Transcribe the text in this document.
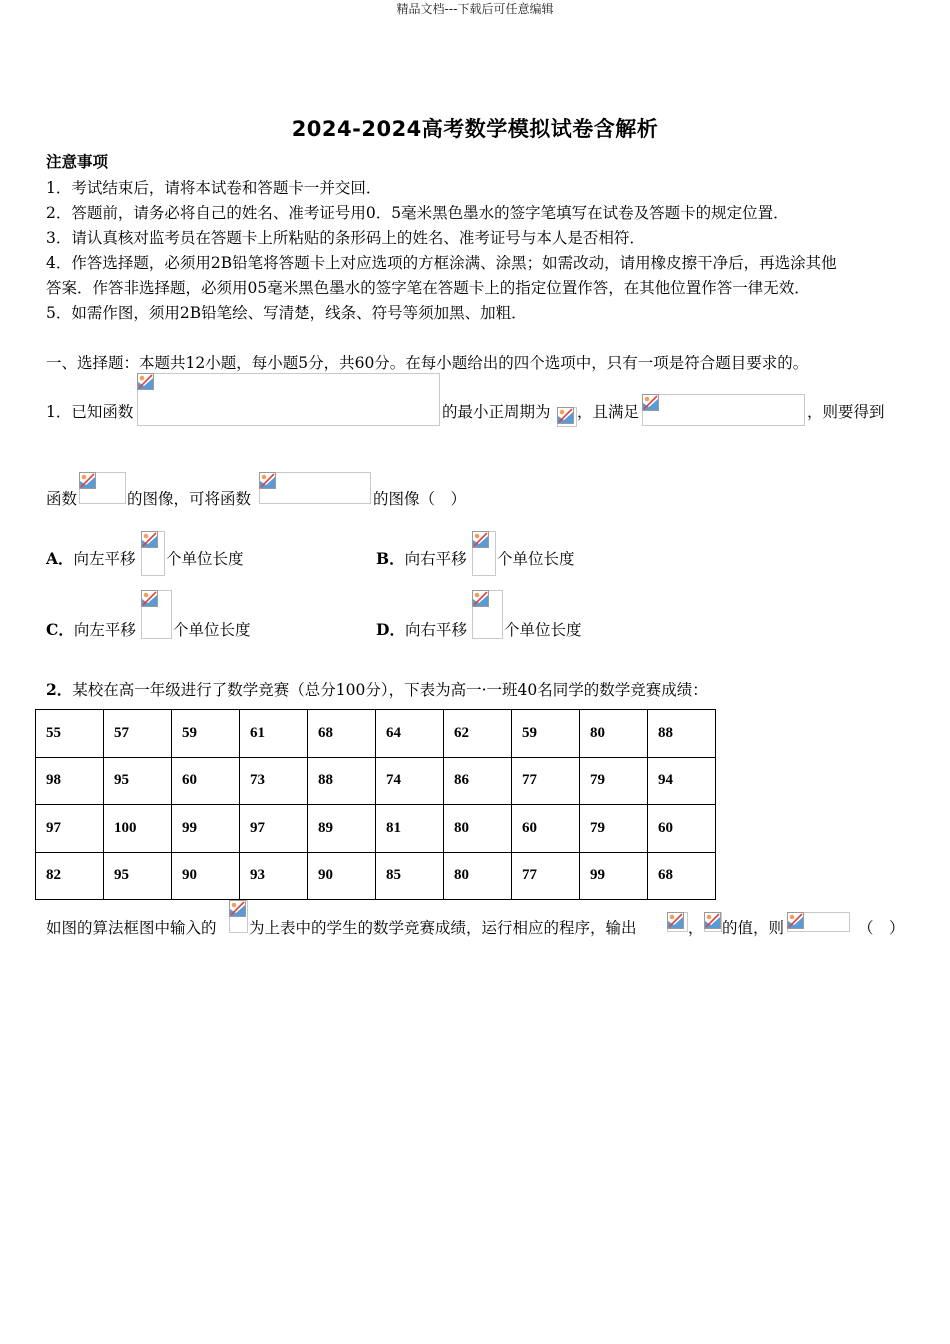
精品文档---下载后可任意编辑
2024-2024高考数学模拟试卷含解析
注意事项
1．考试结束后，请将本试卷和答题卡一并交回．
2．答题前，请务必将自己的姓名、准考证号用0．5毫米黑色墨水的签字笔填写在试卷及答题卡的规定位置．
3．请认真核对监考员在答题卡上所粘贴的条形码上的姓名、准考证号与本人是否相符．
4．作答选择题，必须用2B铅笔将答题卡上对应选项的方框涂满、涂黑；如需改动，请用橡皮擦干净后，再选涂其他
答案．作答非选择题，必须用05毫米黑色墨水的签字笔在答题卡上的指定位置作答，在其他位置作答一律无效．
5．如需作图，须用2B铅笔绘、写清楚，线条、符号等须加黑、加粗．
一、选择题：本题共12小题，每小题5分，共60分。在每小题给出的四个选项中，只有一项是符合题目要求的。
1．已知函数	的最小正周期为 ，且满足	，则要得到
函数	的图像，可将函数	的图像（　）
A．向左平移 个单位长度	B．向右平移 个单位长度
C．向左平移 个单位长度	D．向右平移 个单位长度
2．某校在高一年级进行了数学竞赛（总分100分），下表为高一·一班40名同学的数学竞赛成绩：
55	57	59	61	68	64	62	59	80	88
98	95	60	73	88	74	86	77	79	94
97	100	99	97	89	81	80	60	79	60
82	95	90	93	90	85	80	77	99	68
如图的算法框图中输入的 为上表中的学生的数学竞赛成绩，运行相应的程序，输出	， 的值，则	（　）
